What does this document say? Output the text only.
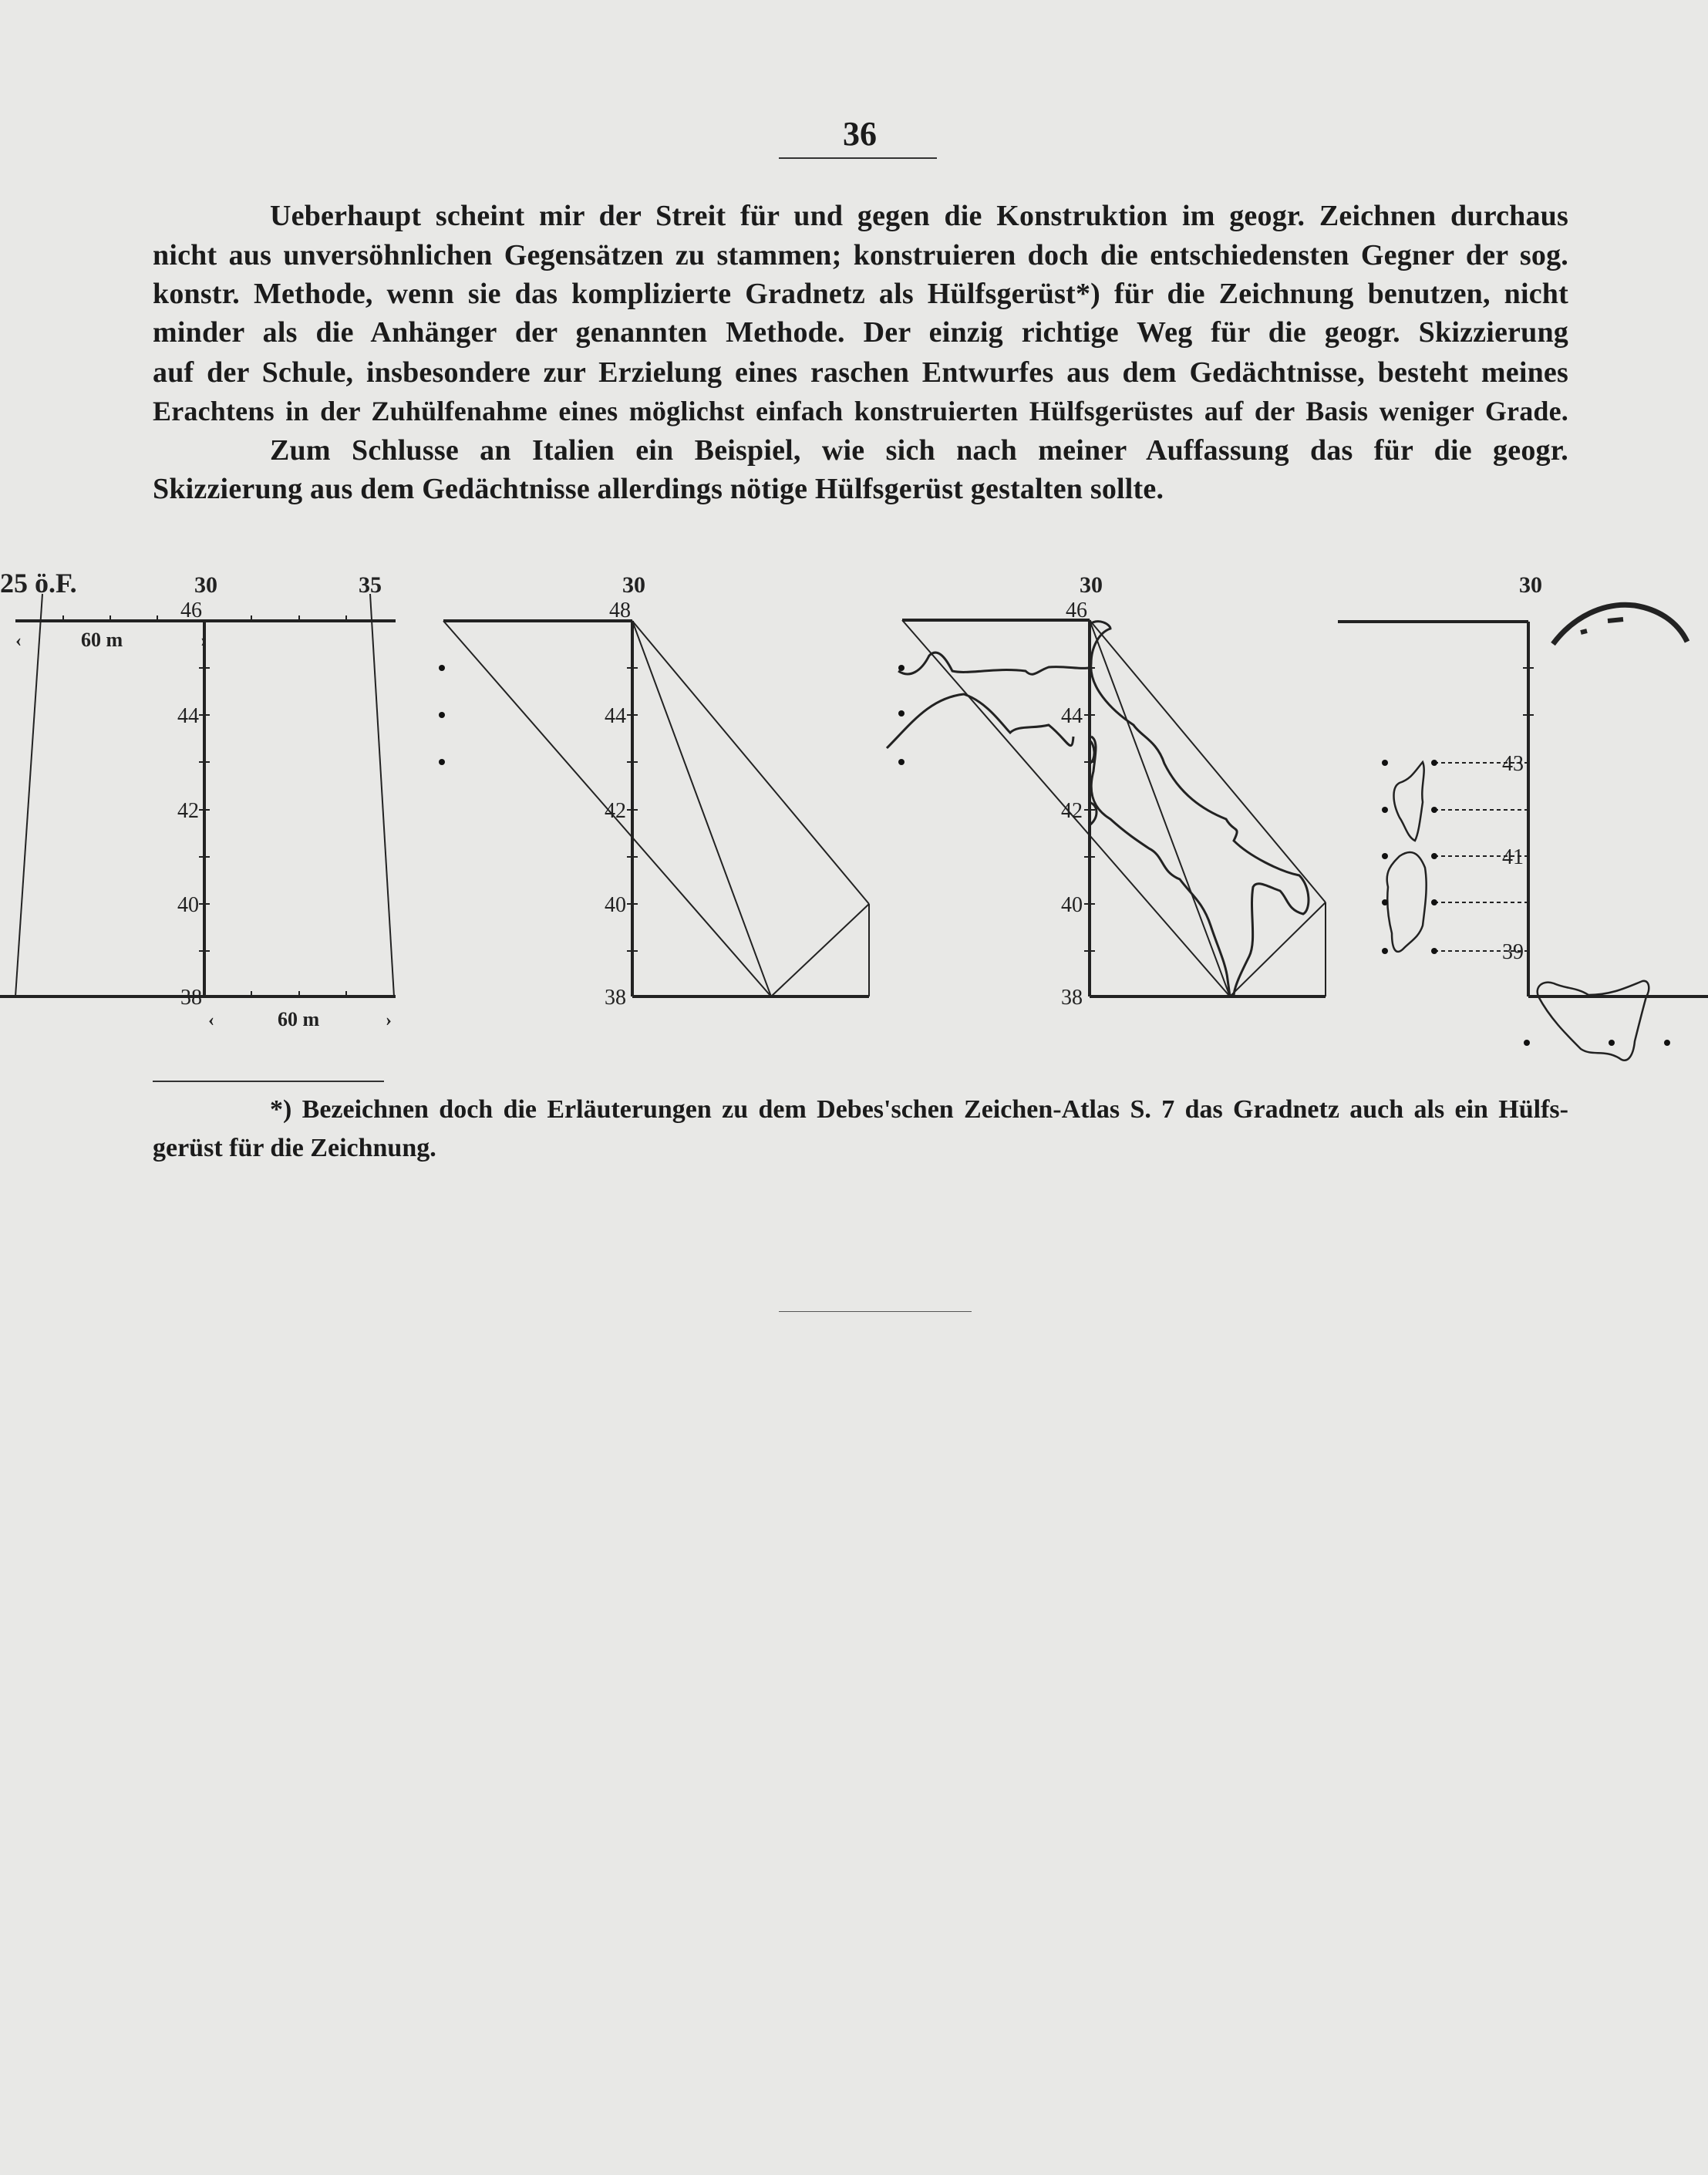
36
Ueberhaupt scheint mir der Streit für und gegen die Konstruktion im geogr. Zeichnen durchaus
nicht aus unversöhnlichen Gegensätzen zu stammen; konstruieren doch die entschiedensten Gegner der sog.
konstr. Methode, wenn sie das komplizierte Gradnetz als Hülfsgerüst*) für die Zeichnung benutzen, nicht
minder als die Anhänger der genannten Methode. Der einzig richtige Weg für die geogr. Skizzierung
auf der Schule, insbesondere zur Erzielung eines raschen Entwurfes aus dem Gedächtnisse, besteht meines
Erachtens in der Zuhülfenahme eines möglichst einfach konstruierten Hülfsgerüstes auf der Basis weniger Grade.
Zum Schlusse an Italien ein Beispiel, wie sich nach meiner Auffassung das für die geogr.
Skizzierung aus dem Gedächtnisse allerdings nötige Hülfsgerüst gestalten sollte.
25 ö.F.	30	35
60 m
60 m
‹	›
‹	›
30	30	30
46
44
42
40
38
48
44
42
40
38
46
44
42
40
38
43
41
39
*) Bezeichnen doch die Erläuterungen zu dem Debes'schen Zeichen-Atlas S. 7 das Gradnetz auch als ein Hülfs-
gerüst für die Zeichnung.
